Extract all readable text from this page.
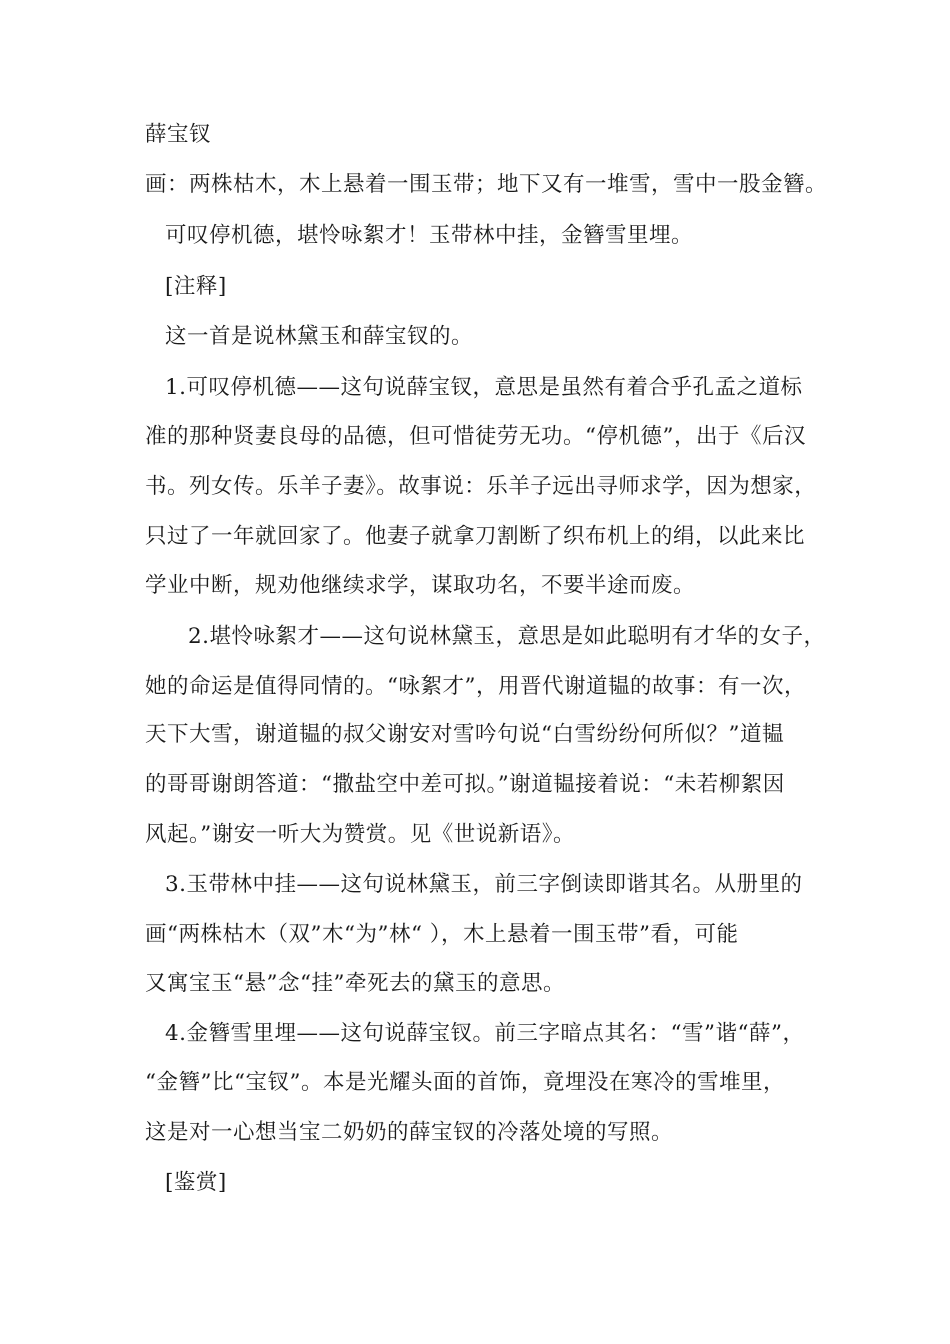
薛宝钗
画：两株枯木，木上悬着一围玉带；地下又有一堆雪，雪中一股金簪。
可叹停机德，堪怜咏絮才！玉带林中挂，金簪雪里埋。
[注释]
这一首是说林黛玉和薛宝钗的。
1.可叹停机德——这句说薛宝钗，意思是虽然有着合乎孔孟之道标
准的那种贤妻良母的品德，但可惜徒劳无功。“停机德”，出于《后汉
书。列女传。乐羊子妻》。故事说：乐羊子远出寻师求学，因为想家，
只过了一年就回家了。他妻子就拿刀割断了织布机上的绢，以此来比
学业中断，规劝他继续求学，谋取功名，不要半途而废。
2.堪怜咏絮才——这句说林黛玉，意思是如此聪明有才华的女子，
她的命运是值得同情的。“咏絮才”，用晋代谢道韫的故事：有一次，
天下大雪，谢道韫的叔父谢安对雪吟句说“白雪纷纷何所似？”道韫
的哥哥谢朗答道：“撒盐空中差可拟。”谢道韫接着说：“未若柳絮因
风起。”谢安一听大为赞赏。见《世说新语》。
3.玉带林中挂——这句说林黛玉，前三字倒读即谐其名。从册里的
画“两株枯木（双”木“为”林“ ），木上悬着一围玉带”看，可能
又寓宝玉“悬”念“挂”牵死去的黛玉的意思。
4.金簪雪里埋——这句说薛宝钗。前三字暗点其名：“雪”谐“薛”，
“金簪”比“宝钗”。本是光耀头面的首饰，竟埋没在寒冷的雪堆里，
这是对一心想当宝二奶奶的薛宝钗的冷落处境的写照。
[鉴赏]
